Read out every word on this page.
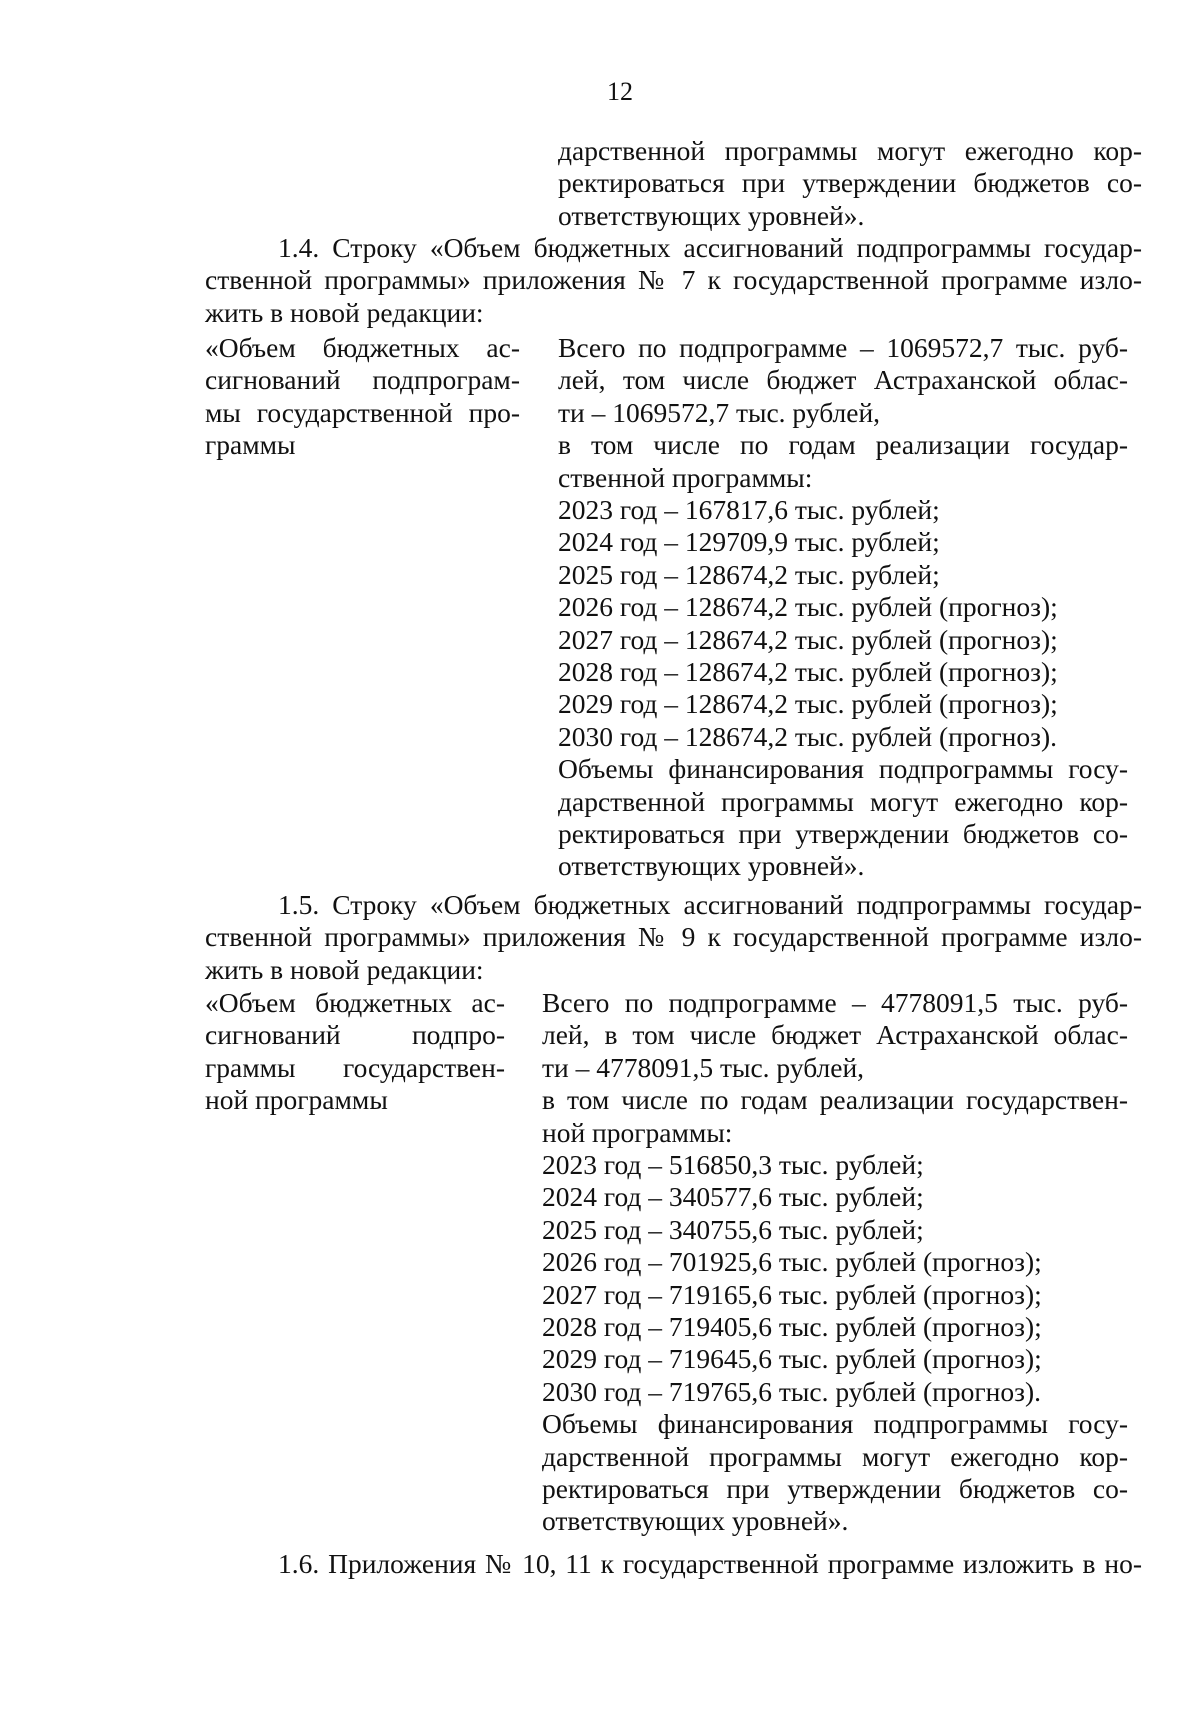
12
дарственной программы могут ежегодно кор-
ректироваться при утверждении бюджетов со-
ответствующих уровней».
1.4. Строку «Объем бюджетных ассигнований подпрограммы государ-
ственной программы» приложения № 7 к государственной программе изло-
жить в новой редакции:
«Объем бюджетных ас-
сигнований подпрограм-
мы государственной про-
граммы
Всего по подпрограмме – 1069572,7 тыс. руб-
лей, том числе бюджет Астраханской облас-
ти – 1069572,7 тыс. рублей,
в том числе по годам реализации государ-
ственной программы:
2023 год – 167817,6 тыс. рублей;
2024 год – 129709,9 тыс. рублей;
2025 год – 128674,2 тыс. рублей;
2026 год – 128674,2 тыс. рублей (прогноз);
2027 год – 128674,2 тыс. рублей (прогноз);
2028 год – 128674,2 тыс. рублей (прогноз);
2029 год – 128674,2 тыс. рублей (прогноз);
2030 год – 128674,2 тыс. рублей (прогноз).
Объемы финансирования подпрограммы госу-
дарственной программы могут ежегодно кор-
ректироваться при утверждении бюджетов со-
ответствующих уровней».
1.5. Строку «Объем бюджетных ассигнований подпрограммы государ-
ственной программы» приложения № 9 к государственной программе изло-
жить в новой редакции:
«Объем бюджетных ас-
сигнований подпро-
граммы государствен-
ной программы
Всего по подпрограмме – 4778091,5 тыс. руб-
лей, в том числе бюджет Астраханской облас-
ти – 4778091,5 тыс. рублей,
в том числе по годам реализации государствен-
ной программы:
2023 год – 516850,3 тыс. рублей;
2024 год – 340577,6 тыс. рублей;
2025 год – 340755,6 тыс. рублей;
2026 год – 701925,6 тыс. рублей (прогноз);
2027 год – 719165,6 тыс. рублей (прогноз);
2028 год – 719405,6 тыс. рублей (прогноз);
2029 год – 719645,6 тыс. рублей (прогноз);
2030 год – 719765,6 тыс. рублей (прогноз).
Объемы финансирования подпрограммы госу-
дарственной программы могут ежегодно кор-
ректироваться при утверждении бюджетов со-
ответствующих уровней».
1.6. Приложения № 10, 11 к государственной программе изложить в но-
